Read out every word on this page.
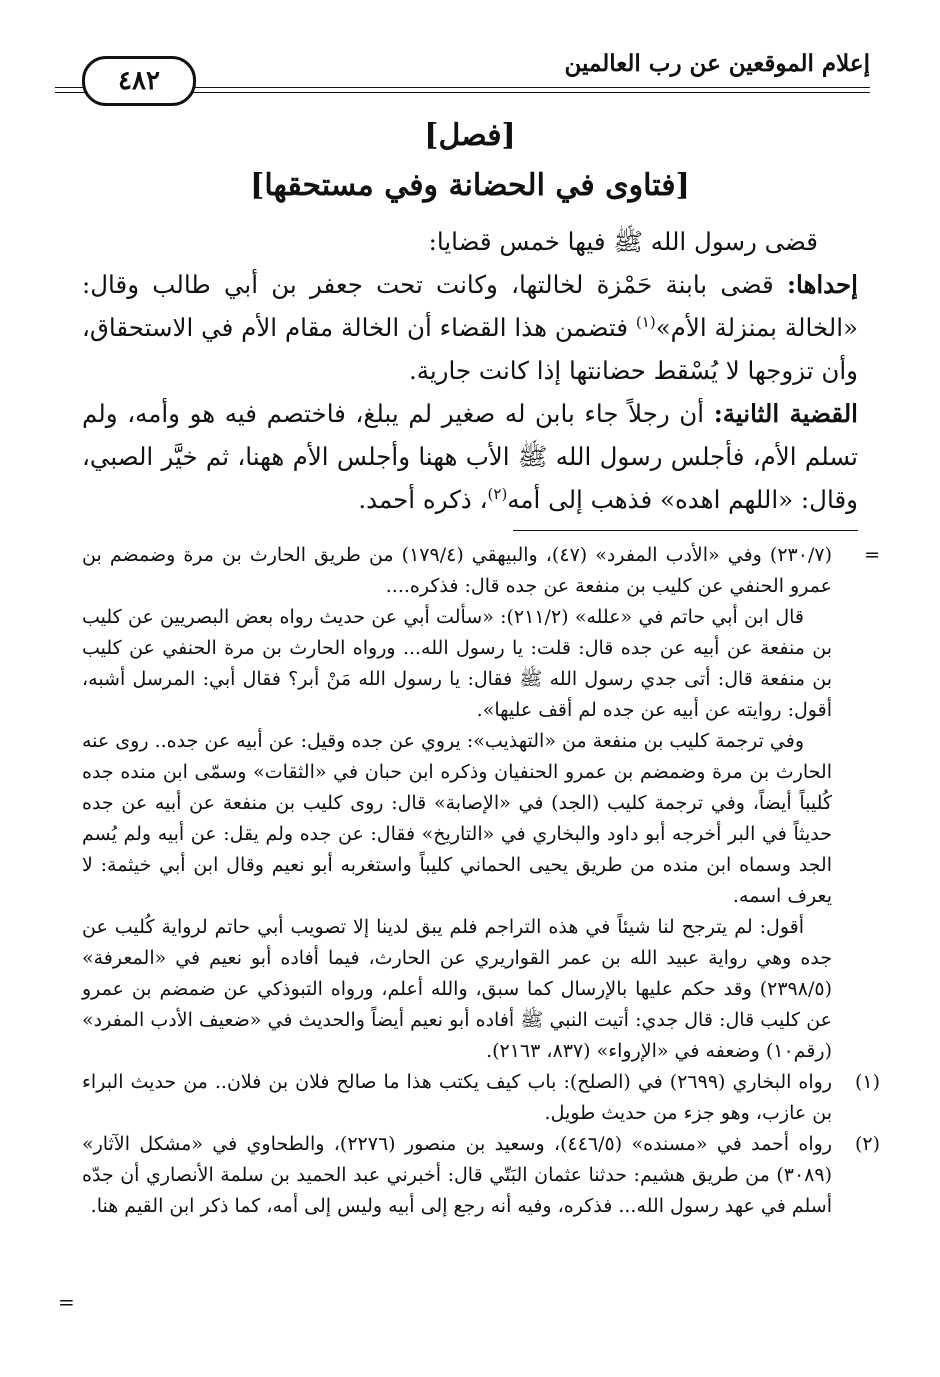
إعلام الموقعين عن رب العالمين
٤٨٢
[فصل]
[فتاوى في الحضانة وفي مستحقها]

قضى رسول الله ﷺ فيها خمس قضايا:

إحداها: قضى بابنة حَمْزة لخالتها، وكانت تحت جعفر بن أبي طالب وقال: «الخالة بمنزلة الأم»$^{(١)}$ فتضمن هذا القضاء أن الخالة مقام الأم في الاستحقاق، وأن تزوجها لا يُسْقط حضانتها إذا كانت جارية.

القضية الثانية: أن رجلاً جاء بابن له صغير لم يبلغ، فاختصم فيه هو وأمه، ولم تسلم الأم، فأجلس رسول الله ﷺ الأب ههنا وأجلس الأم ههنا، ثم خيَّر الصبي، وقال: «اللهم اهده» فذهب إلى أمه$^{(٢)}$، ذكره أحمد.

=

(٢٣٠/٧) وفي «الأدب المفرد» (٤٧)، والبيهقي (١٧٩/٤) من طريق الحارث بن مرة وضمضم بن عمرو الحنفي عن كليب بن منفعة عن جده قال: فذكره....

قال ابن أبي حاتم في «علله» (٢١١/٢): «سألت أبي عن حديث رواه بعض البصريين عن كليب بن منفعة عن أبيه عن جده قال: قلت: يا رسول الله... ورواه الحارث بن مرة الحنفي عن كليب بن منفعة قال: أتى جدي رسول الله ﷺ فقال: يا رسول الله مَنْ أبر؟ فقال أبي: المرسل أشبه، أقول: روايته عن أبيه عن جده لم أقف عليها».

وفي ترجمة كليب بن منفعة من «التهذيب»: يروي عن جده وقيل: عن أبيه عن جده.. روى عنه الحارث بن مرة وضمضم بن عمرو الحنفيان وذكره ابن حبان في «الثقات» وسمّى ابن منده جده كُليباً أيضاً، وفي ترجمة كليب (الجد) في «الإصابة» قال: روى كليب بن منفعة عن أبيه عن جده حديثاً في البر أخرجه أبو داود والبخاري في «التاريخ» فقال: عن جده ولم يقل: عن أبيه ولم يُسم الجد وسماه ابن منده من طريق يحيى الحماني كليباً واستغربه أبو نعيم وقال ابن أبي خيثمة: لا يعرف اسمه.

أقول: لم يترجح لنا شيئاً في هذه التراجم فلم يبق لدينا إلا تصويب أبي حاتم لرواية كُليب عن جده وهي رواية عبيد الله بن عمر القواريري عن الحارث، فيما أفاده أبو نعيم في «المعرفة» (٢٣٩٨/٥) وقد حكم عليها بالإرسال كما سبق، والله أعلم، ورواه التبوذكي عن ضمضم بن عمرو عن كليب قال: قال جدي: أتيت النبي ﷺ أفاده أبو نعيم أيضاً والحديث في «ضعيف الأدب المفرد» (رقم١٠) وضعفه في «الإرواء» (٨٣٧، ٢١٦٣).

(١)

رواه البخاري (٢٦٩٩) في (الصلح): باب كيف يكتب هذا ما صالح فلان بن فلان.. من حديث البراء بن عازب، وهو جزء من حديث طويل.

(٢)

رواه أحمد في «مسنده» (٤٤٦/٥)، وسعيد بن منصور (٢٢٧٦)، والطحاوي في «مشكل الآثار» (٣٠٨٩) من طريق هشيم: حدثنا عثمان البَتّي قال: أخبرني عبد الحميد بن سلمة الأنصاري أن جدّه أسلم في عهد رسول الله... فذكره، وفيه أنه رجع إلى أبيه وليس إلى أمه، كما ذكر ابن القيم هنا.

=
